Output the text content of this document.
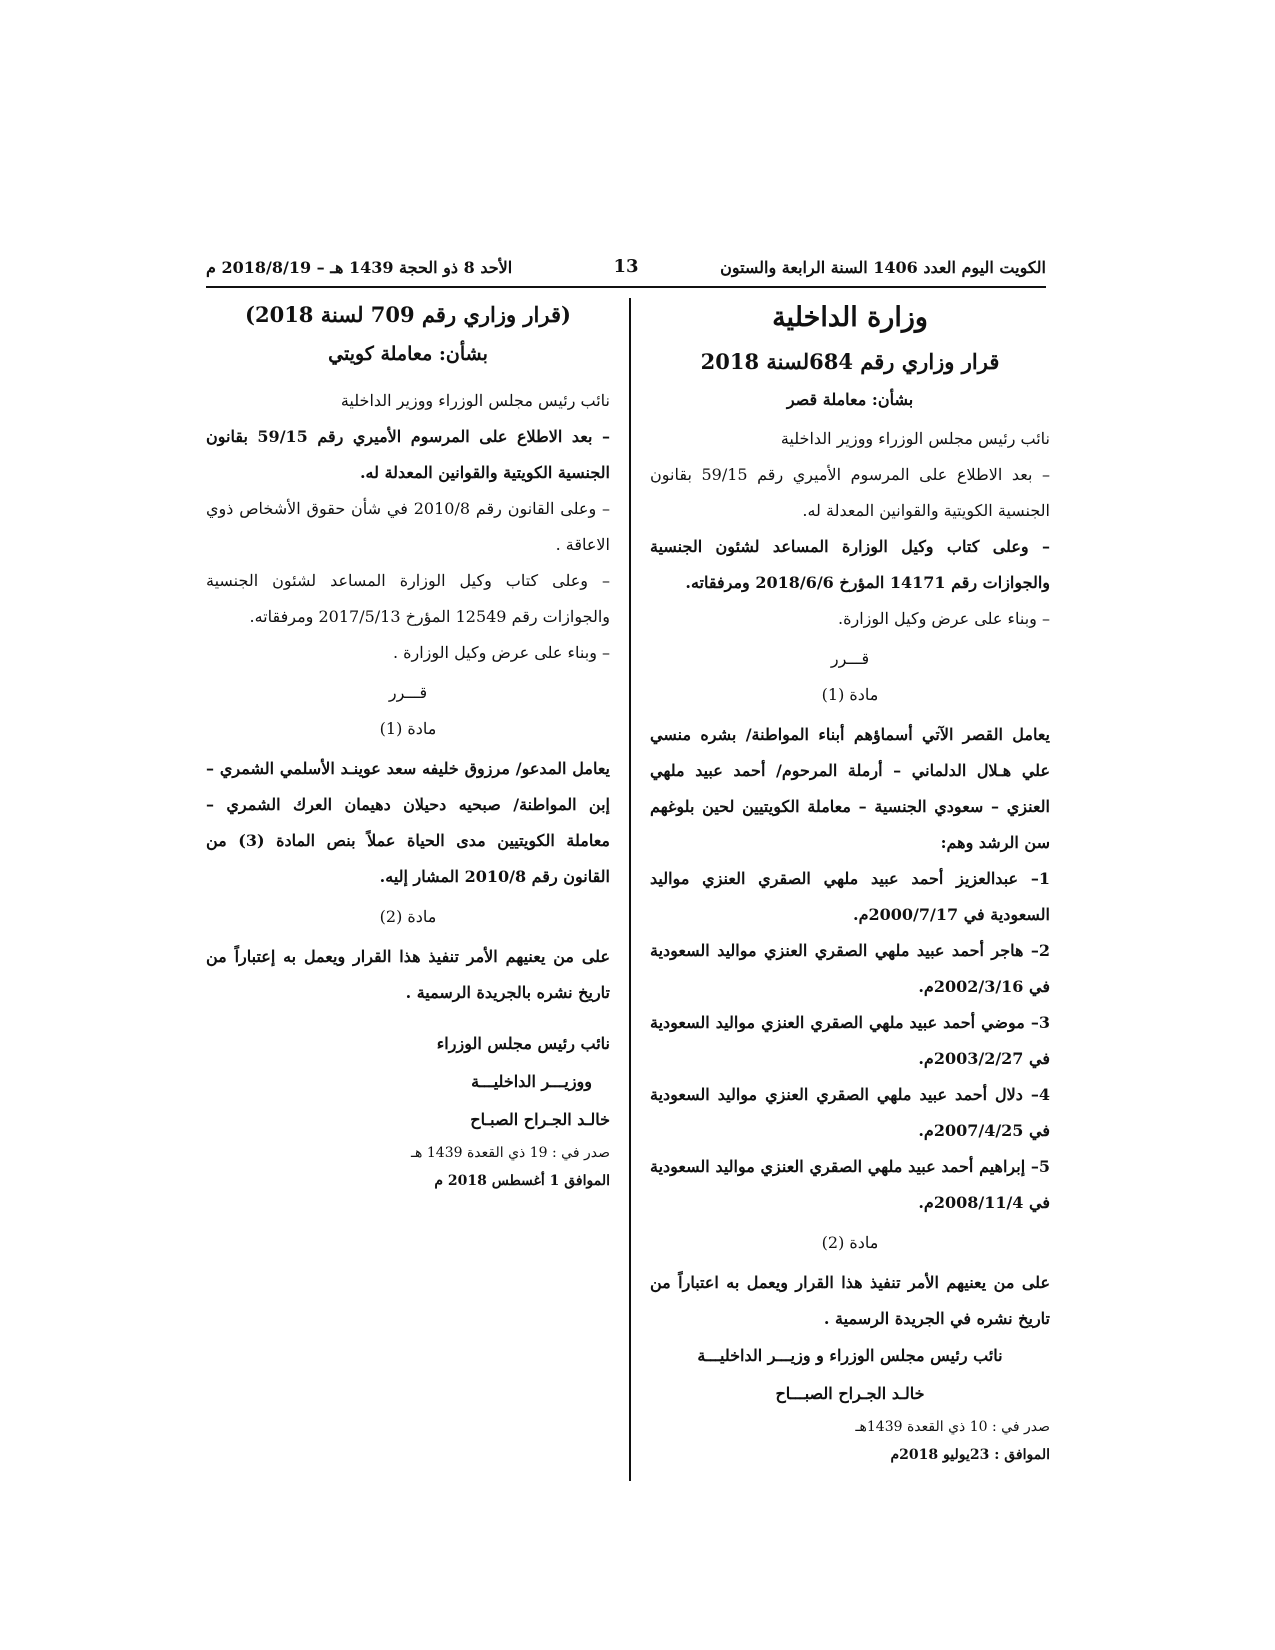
الكويت اليوم العدد 1406 السنة الرابعة والستون
13
الأحد 8 ذو الحجة 1439 هـ – 2018/8/19 م
وزارة الداخلية
قرار وزاري رقم 684لسنة 2018
بشأن: معاملة قصر

نائب رئيس مجلس الوزراء ووزير الداخلية

– بعد الاطلاع على المرسوم الأميري رقم 59/15 بقانون الجنسية الكويتية والقوانين المعدلة له.

– وعلى كتاب وكيل الوزارة المساعد لشئون الجنسية والجوازات رقم 14171 المؤرخ 2018/6/6 ومرفقاته.

– وبناء على عرض وكيل الوزارة.

قـــرر
مادة (1)

يعامل القصر الآتي أسماؤهم أبناء المواطنة/ بشره منسي علي هـلال الدلماني – أرملة المرحوم/ أحمد عبيد ملهي العنزي – سعودي الجنسية – معاملة الكويتيين لحين بلوغهم سن الرشد وهم:

1– عبدالعزيز أحمد عبيد ملهي الصقري العنزي مواليد السعودية في 2000/7/17م.

2– هاجر أحمد عبيد ملهي الصقري العنزي مواليد السعودية في 2002/3/16م.

3– موضي أحمد عبيد ملهي الصقري العنزي مواليد السعودية في 2003/2/27م.

4– دلال أحمد عبيد ملهي الصقري العنزي مواليد السعودية في 2007/4/25م.

5– إبراهيم أحمد عبيد ملهي الصقري العنزي مواليد السعودية في 2008/11/4م.

مادة (2)

على من يعنيهم الأمر تنفيذ هذا القرار ويعمل به اعتباراً من تاريخ نشره في الجريدة الرسمية .

نائب رئيس مجلس الوزراء و وزيـــر الداخليـــة

خالـد الجـراح الصبـــاح

صدر في : 10 ذي القعدة 1439هـ

الموافق : 23يوليو 2018م

(قرار وزاري رقم 709 لسنة 2018)
بشأن: معاملة كويتي

نائب رئيس مجلس الوزراء ووزير الداخلية

– بعد الاطلاع على المرسوم الأميري رقم 59/15 بقانون الجنسية الكويتية والقوانين المعدلة له.

– وعلى القانون رقم 2010/8 في شأن حقوق الأشخاص ذوي الاعاقة .

– وعلى كتاب وكيل الوزارة المساعد لشئون الجنسية والجوازات رقم 12549 المؤرخ 2017/5/13 ومرفقاته.

– وبناء على عرض وكيل الوزارة .

قـــرر
مادة (1)

يعامل المدعو/ مرزوق خليفه سعد عوينـد الأسلمي الشمري – إبن المواطنة/ صبحيه دحيلان دهيمان العرك الشمري – معاملة الكويتيين مدى الحياة عملاً بنص المادة (3) من القانون رقم 2010/8 المشار إليه.

مادة (2)

على من يعنيهم الأمر تنفيذ هذا القرار ويعمل به إعتباراً من تاريخ نشره بالجريدة الرسمية .

نائب رئيس مجلس الوزراء

ووزيـــر الداخليـــة

خالـد الجـراح الصبـاح

صدر في : 19 ذي القعدة 1439 هـ

الموافق 1 أغسطس 2018 م
